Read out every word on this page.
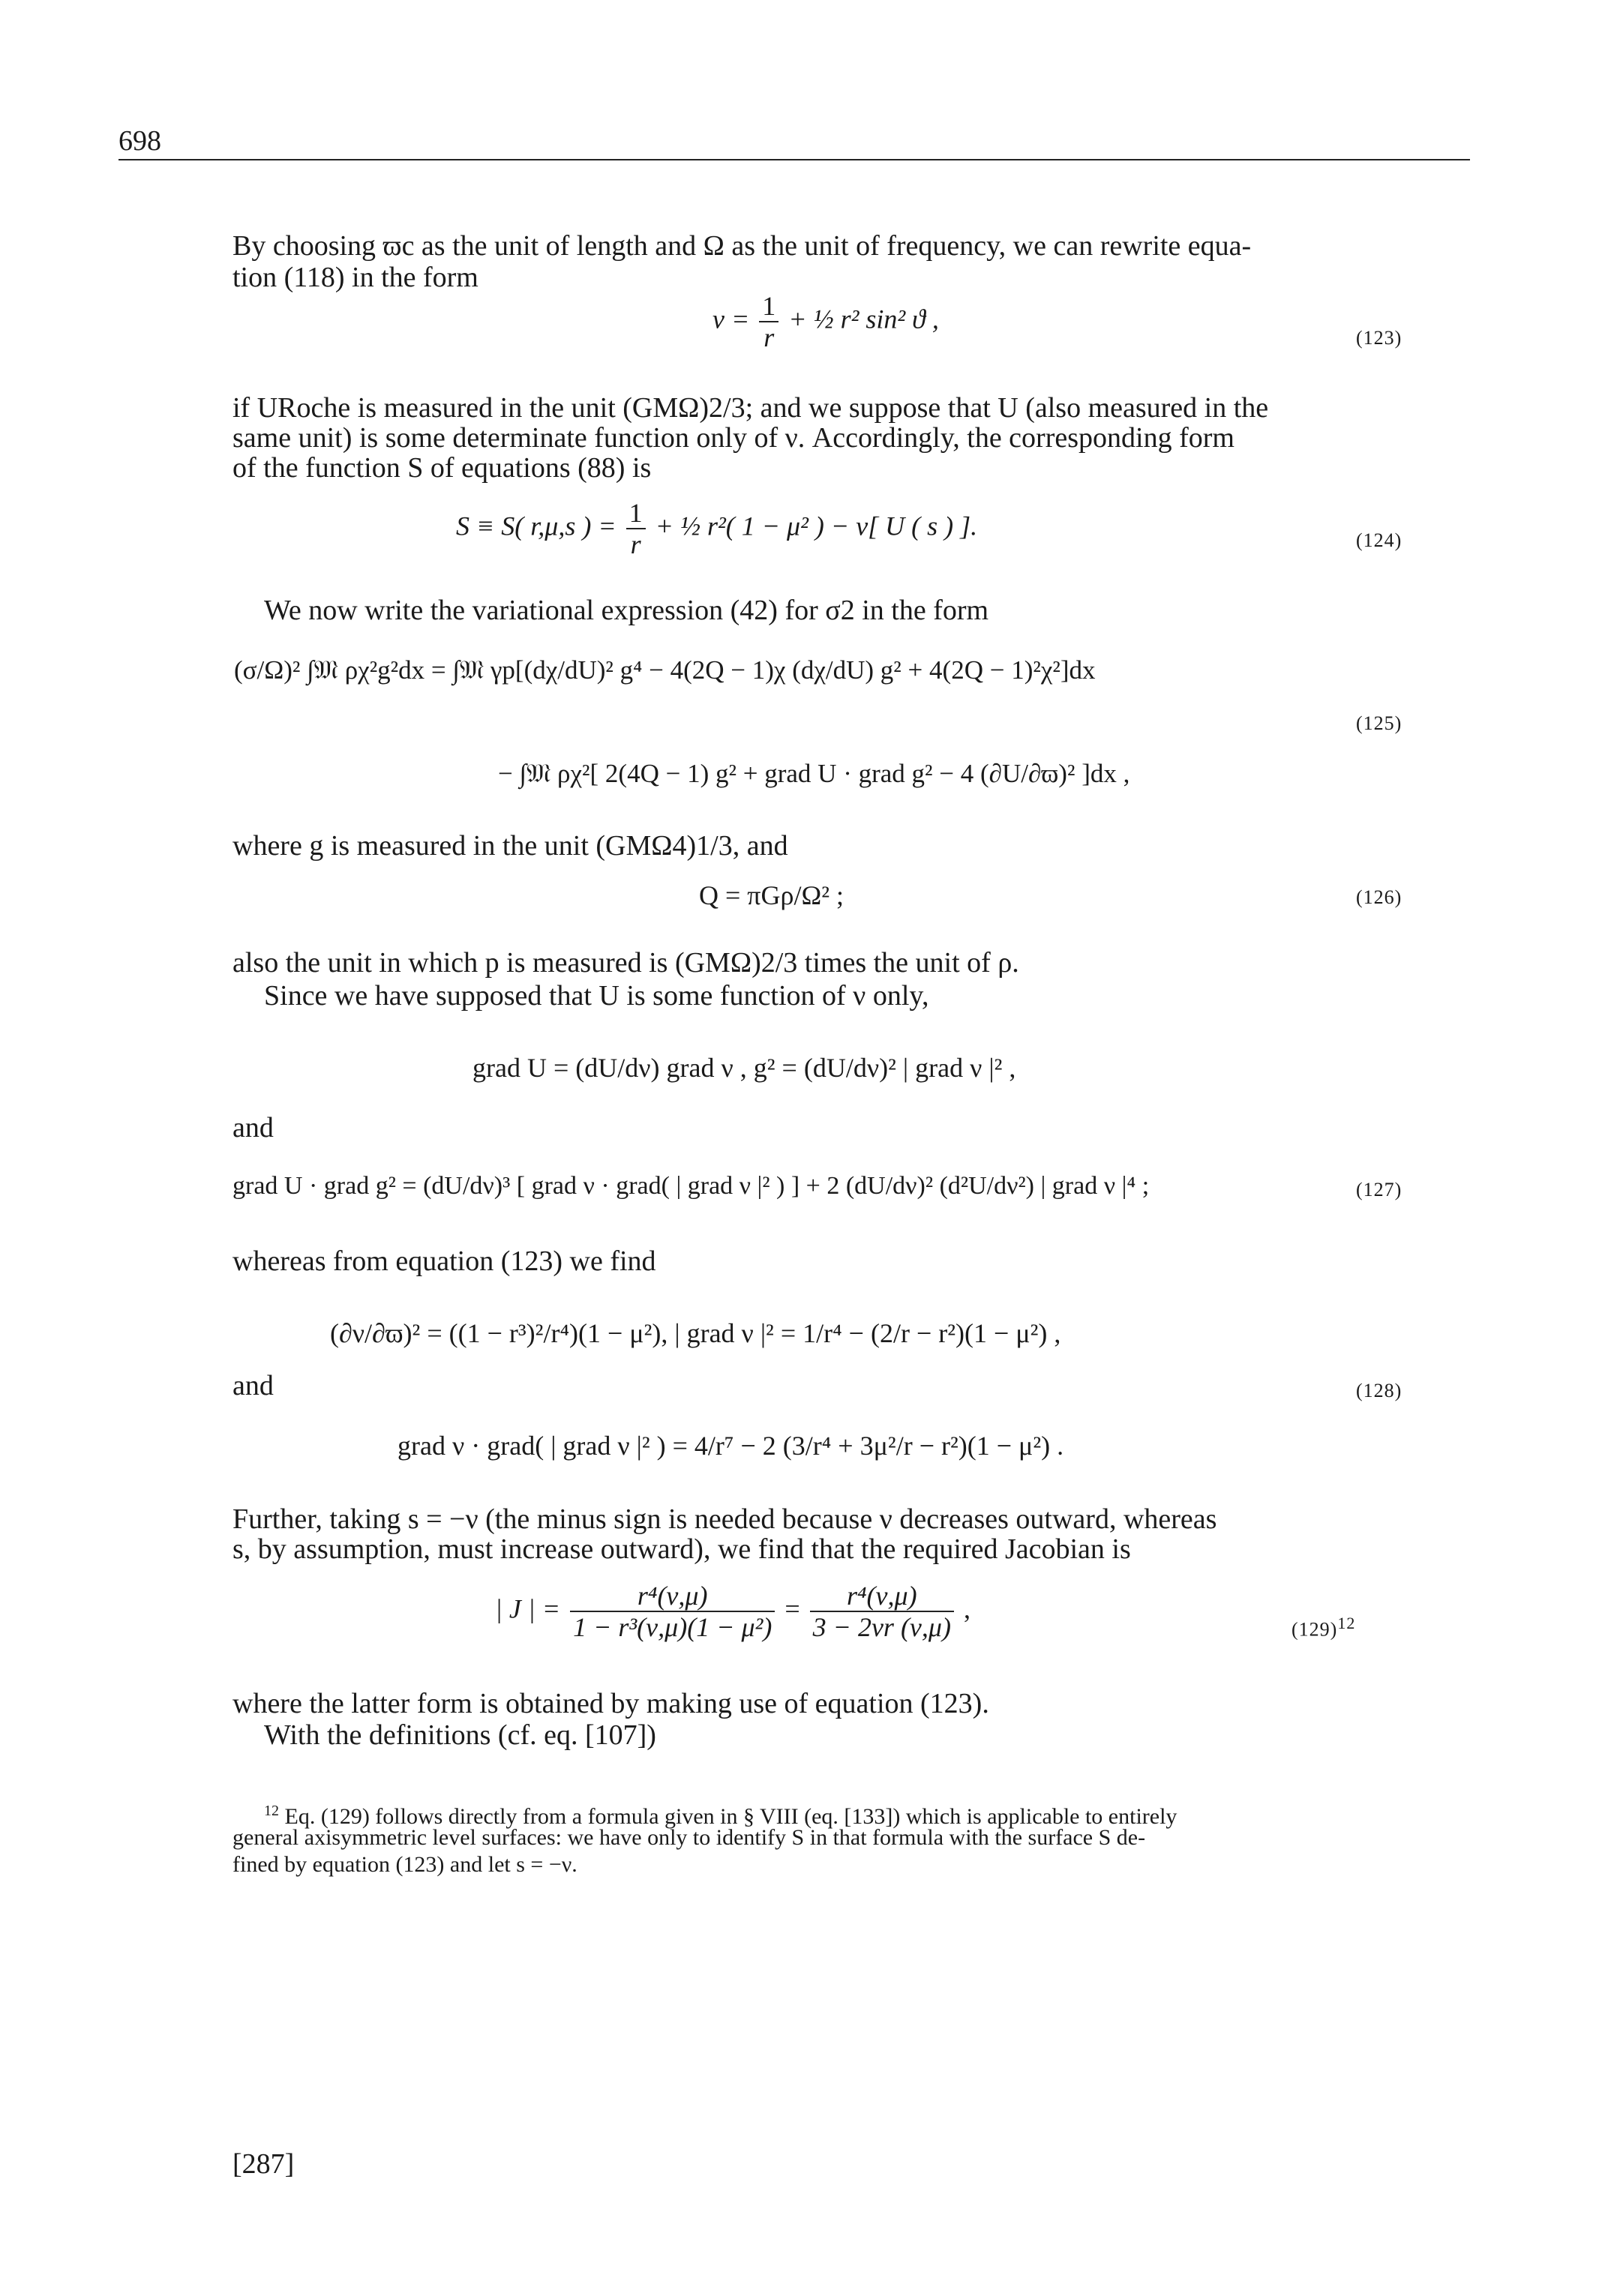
698
By choosing ϖc as the unit of length and Ω as the unit of frequency, we can rewrite equa-
tion (118) in the form
$\nu = \frac{1}{r}$ + ½ r² sin² ϑ ,
(123)
if URoche is measured in the unit (GMΩ)2/3; and we suppose that U (also measured in the
same unit) is some determinate function only of ν. Accordingly, the corresponding form
of the function S of equations (88) is
S ≡ S( r,μ,s ) = $\frac{1}{r}$ + ½ r²( 1 − μ² ) − ν[ U ( s ) ].	(124)
We now write the variational expression (42) for σ2 in the form
(σ/Ω)² ∫𝔐 ρχ²g²dx = ∫𝔐 γp[(dχ/dU)² g⁴ − 4(2Q − 1)χ (dχ/dU) g² + 4(2Q − 1)²χ²]dx
(125)
− ∫𝔐 ρχ²[ 2(4Q − 1) g² + grad U · grad g² − 4 (∂U/∂ϖ)² ]dx ,
where g is measured in the unit (GMΩ4)1/3, and
Q = πGρ/Ω² ;	(126)
also the unit in which p is measured is (GMΩ)2/3 times the unit of ρ.
Since we have supposed that U is some function of ν only,
grad U = (dU/dν) grad ν , g² = (dU/dν)² | grad ν |² ,
and
grad U · grad g² = (dU/dν)³ [ grad ν · grad( | grad ν |² ) ] + 2 (dU/dν)² (d²U/dν²) | grad ν |⁴ ;	(127)
whereas from equation (123) we find
(∂ν/∂ϖ)² = ((1 − r³)²/r⁴)(1 − μ²), | grad ν |² = 1/r⁴ − (2/r − r²)(1 − μ²) ,
and	(128)
grad ν · grad( | grad ν |² ) = 4/r⁷ − 2 (3/r⁴ + 3μ²/r − r²)(1 − μ²) .
Further, taking s = −ν (the minus sign is needed because ν decreases outward, whereas
s, by assumption, must increase outward), we find that the required Jacobian is
| J | = $\frac{\text{r⁴(ν,μ)}}{\text{1 − r³(ν,μ)(1 − μ²)}} = \frac{\text{r⁴(ν,μ)}}{3 - 2\nu r (\nu,\mu)}$ ,
$(129)^{12}$
where the latter form is obtained by making use of equation (123).
With the definitions (cf. eq. [107])
$^{12}$ Eq. (129) follows directly from a formula given in § VIII (eq. [133]) which is applicable to entirely
general axisymmetric level surfaces: we have only to identify S in that formula with the surface S de-
fined by equation (123) and let s = −ν.
[287]
